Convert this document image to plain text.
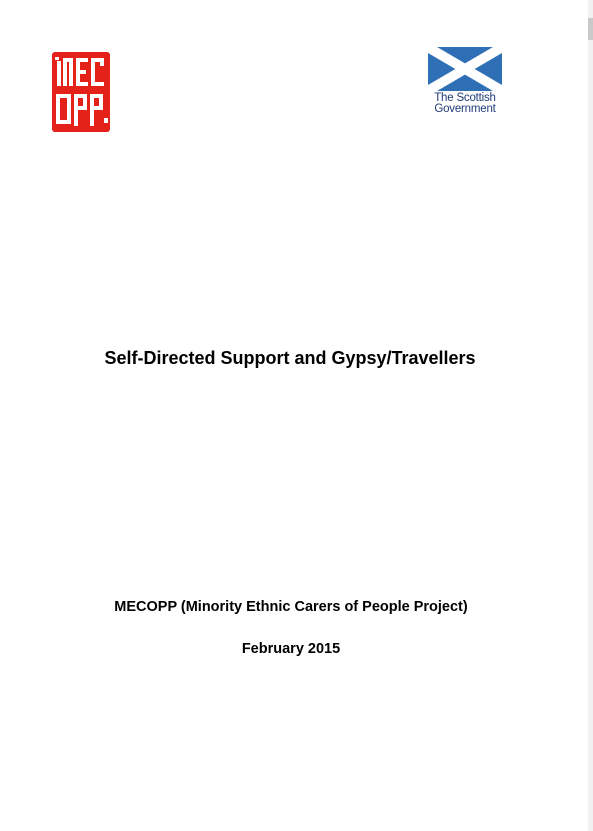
The Scottish
Government
Self-Directed Support and Gypsy/Travellers
MECOPP (Minority Ethnic Carers of People Project)
February 2015
